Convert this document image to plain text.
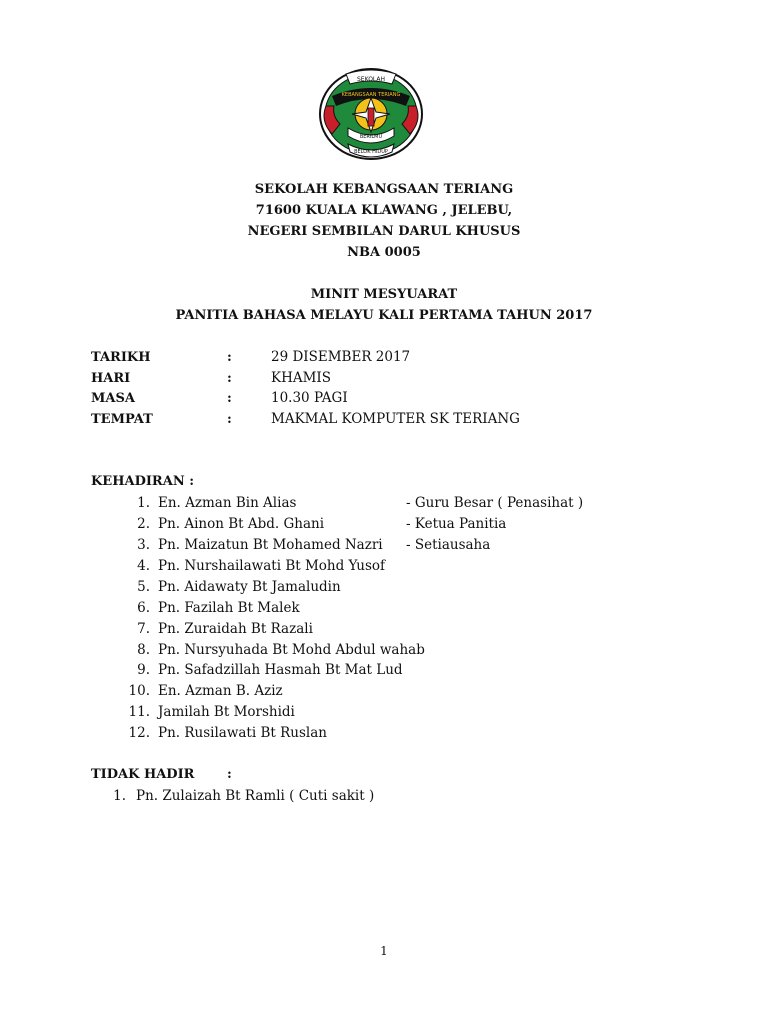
SEKOLAH
KEBANGSAAN TERIANG
BERILMU
BELOK HIDUP
SEKOLAH KEBANGSAAN TERIANG
71600 KUALA KLAWANG , JELEBU,
NEGERI SEMBILAN DARUL KHUSUS
NBA 0005
MINIT MESYUARAT
PANITIA BAHASA MELAYU KALI PERTAMA TAHUN 2017
TARIKH	:	29 DISEMBER 2017
HARI	:	KHAMIS
MASA	:	10.30 PAGI
TEMPAT	:	MAKMAL KOMPUTER SK TERIANG
KEHADIRAN :
1. En. Azman Bin Alias	- Guru Besar ( Penasihat )
2. Pn. Ainon Bt Abd. Ghani	- Ketua Panitia
3. Pn. Maizatun Bt Mohamed Nazri - Setiausaha
4. Pn. Nurshailawati Bt Mohd Yusof
5. Pn. Aidawaty Bt Jamaludin
6. Pn. Fazilah Bt Malek
7. Pn. Zuraidah Bt Razali
8. Pn. Nursyuhada Bt Mohd Abdul wahab
9. Pn. Safadzillah Hasmah Bt Mat Lud
10. En. Azman B. Aziz
11. Jamilah Bt Morshidi
12. Pn. Rusilawati Bt Ruslan
TIDAK HADIR	:
1. Pn. Zulaizah Bt Ramli ( Cuti sakit )
1
